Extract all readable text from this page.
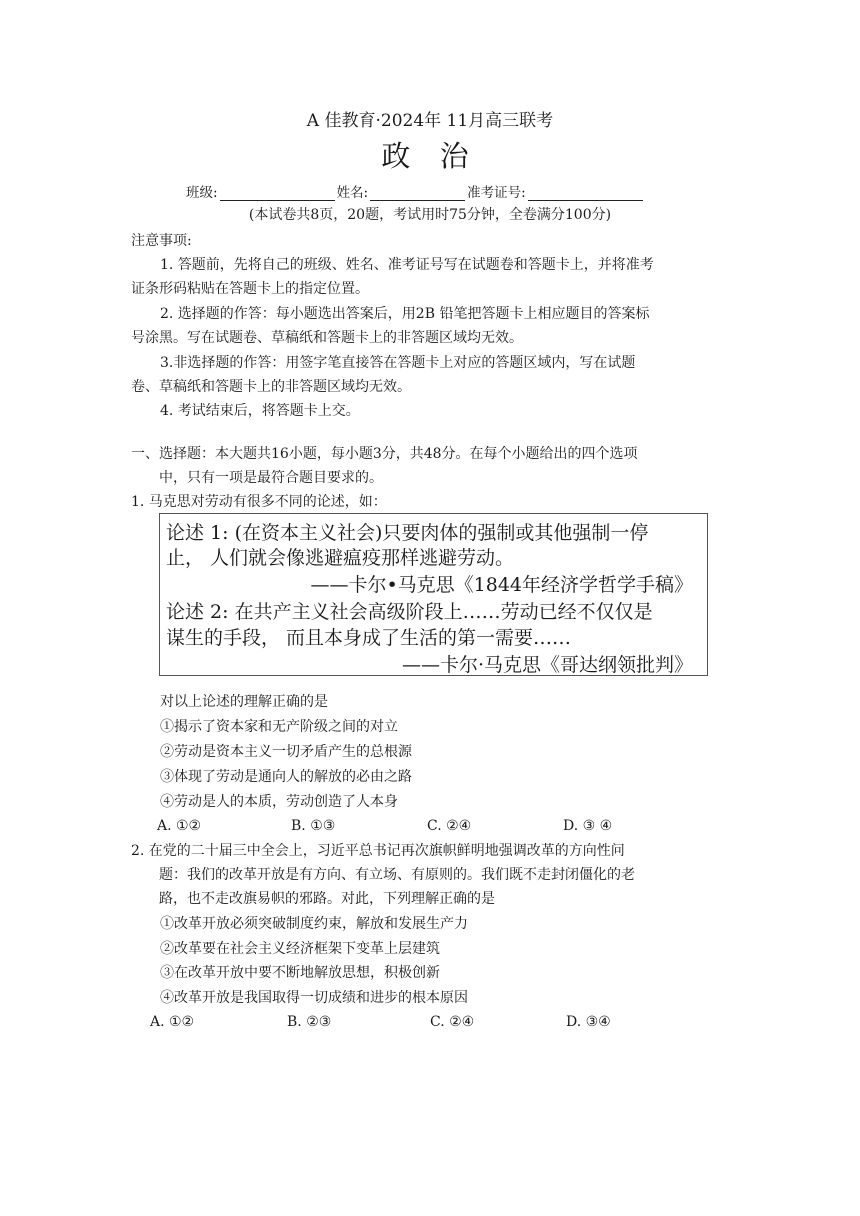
A 佳教育·2024年 11月高三联考
政 治
班级:	姓名:	准考证号:
(本试卷共8页，20题，考试用时75分钟，全卷满分100分)
注意事项:
1. 答题前，先将自己的班级、姓名、准考证号写在试题卷和答题卡上，并将准考
证条形码粘贴在答题卡上的指定位置。
2. 选择题的作答：每小题选出答案后，用2B 铅笔把答题卡上相应题目的答案标
号涂黑。写在试题卷、草稿纸和答题卡上的非答题区域均无效。
3.非选择题的作答：用签字笔直接答在答题卡上对应的答题区域内，写在试题
卷、草稿纸和答题卡上的非答题区域均无效。
4. 考试结束后，将答题卡上交。
一、选择题：本大题共16小题，每小题3分，共48分。在每个小题给出的四个选项
中，只有一项是最符合题目要求的。
1. 马克思对劳动有很多不同的论述，如：
论述 1: (在资本主义社会)只要肉体的强制或其他强制一停
止， 人们就会像逃避瘟疫那样逃避劳动。
——卡尔•马克思《1844年经济学哲学手稿》
论述 2: 在共产主义社会高级阶段上……劳动已经不仅仅是
谋生的手段， 而且本身成了生活的第一需要……
——卡尔·马克思《哥达纲领批判》
对以上论述的理解正确的是
①揭示了资本家和无产阶级之间的对立
②劳动是资本主义一切矛盾产生的总根源
③体现了劳动是通向人的解放的必由之路
④劳动是人的本质，劳动创造了人本身
A. ①②	B. ①③	C. ②④	D. ③ ④
2. 在党的二十届三中全会上，习近平总书记再次旗帜鲜明地强调改革的方向性问
题：我们的改革开放是有方向、有立场、有原则的。我们既不走封闭僵化的老
路，也不走改旗易帜的邪路。对此，下列理解正确的是
①改革开放必须突破制度约束，解放和发展生产力
②改革要在社会主义经济框架下变革上层建筑
③在改革开放中要不断地解放思想，积极创新
④改革开放是我国取得一切成绩和进步的根本原因
A. ①②	B. ②③	C. ②④	D. ③④
